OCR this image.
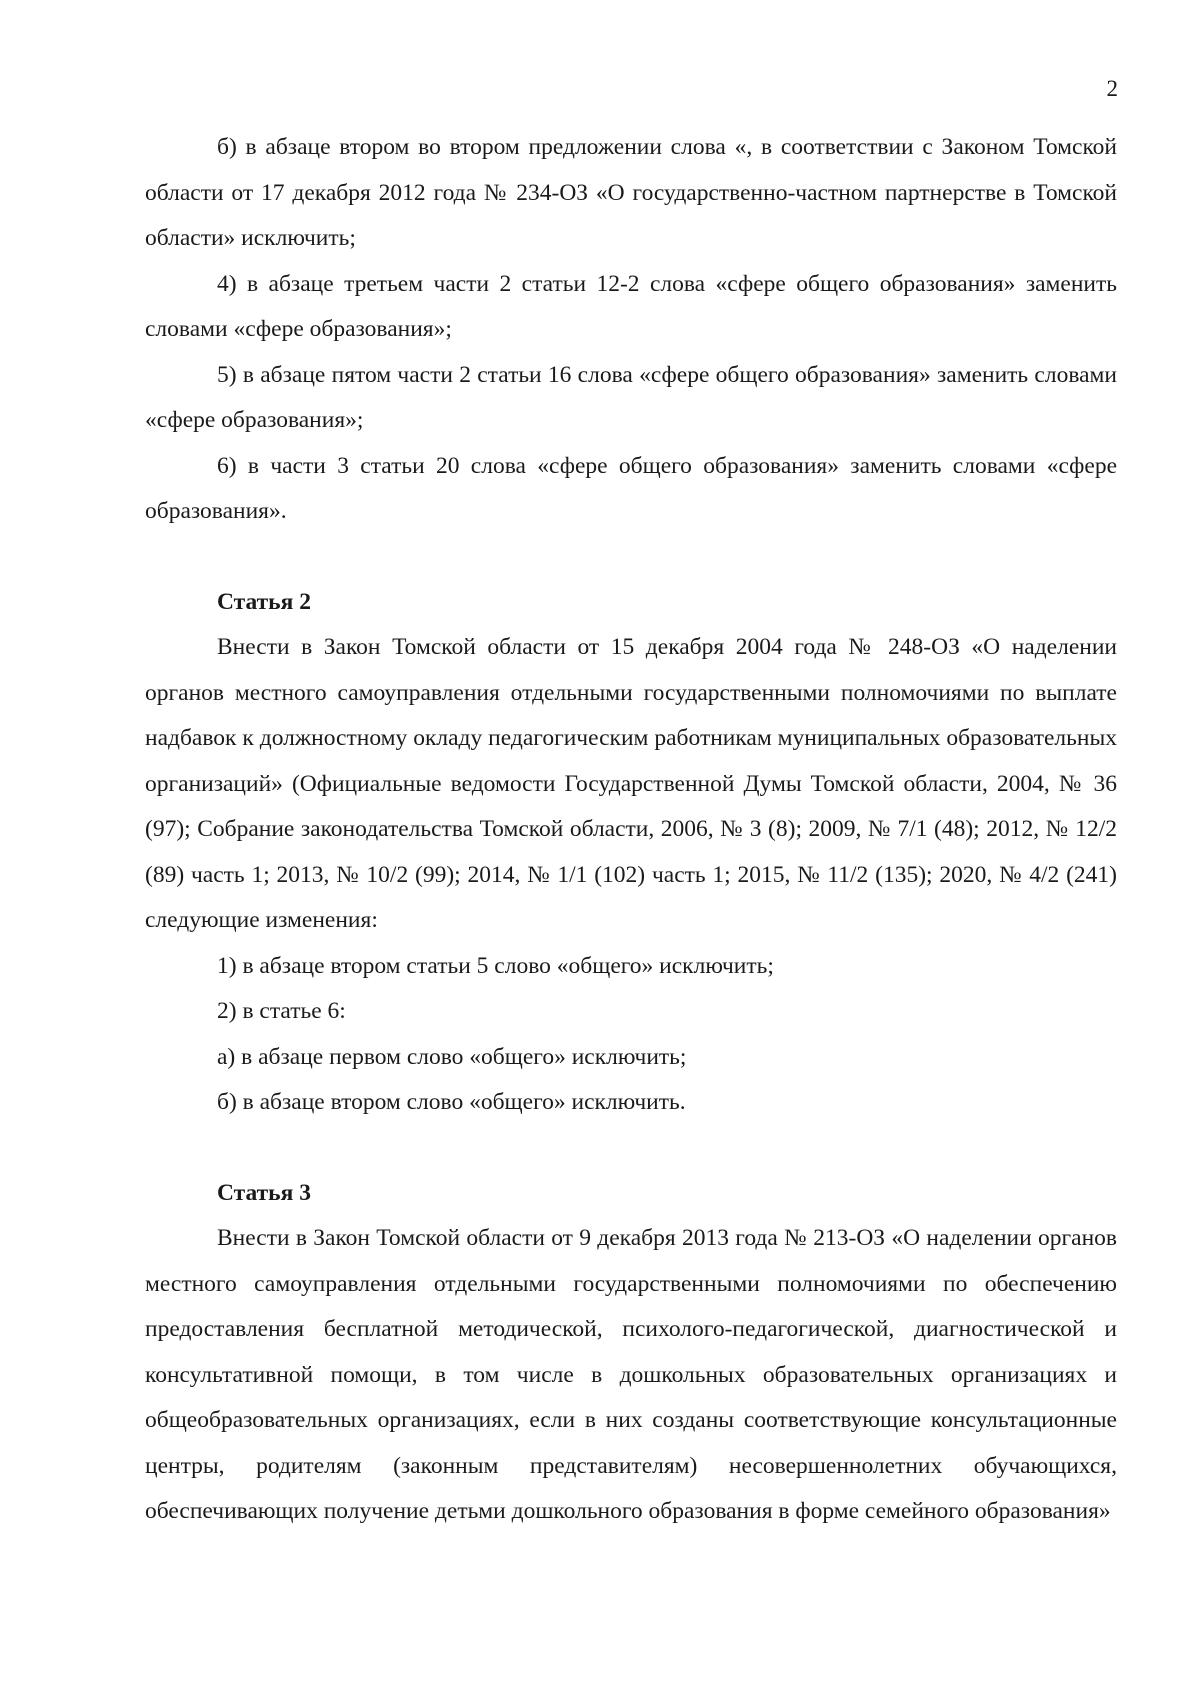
2

б) в абзаце втором во втором предложении слова «, в соответствии с Законом Томской области от 17 декабря 2012 года № 234-ОЗ «О государственно-частном партнерстве в Томской области» исключить;

4) в абзаце третьем части 2 статьи 12-2 слова «сфере общего образования» заменить словами «сфере образования»;

5) в абзаце пятом части 2 статьи 16 слова «сфере общего образования» заменить словами «сфере образования»;

6) в части 3 статьи 20 слова «сфере общего образования» заменить словами «сфере образования».

Статья 2

Внести в Закон Томской области от 15 декабря 2004 года № 248-ОЗ «О наделении органов местного самоуправления отдельными государственными полномочиями по выплате надбавок к должностному окладу педагогическим работникам муниципальных образовательных организаций» (Официальные ведомости Государственной Думы Томской области, 2004, № 36 (97); Собрание законодательства Томской области, 2006, № 3 (8); 2009, № 7/1 (48); 2012, № 12/2 (89) часть 1; 2013, № 10/2 (99); 2014, № 1/1 (102) часть 1; 2015, № 11/2 (135); 2020, № 4/2 (241) следующие изменения:

1) в абзаце втором статьи 5 слово «общего» исключить;

2) в статье 6:

а) в абзаце первом слово «общего» исключить;

б) в абзаце втором слово «общего» исключить.

Статья 3

Внести в Закон Томской области от 9 декабря 2013 года № 213-ОЗ «О наделении органов местного самоуправления отдельными государственными полномочиями по обеспечению предоставления бесплатной методической, психолого-педагогической, диагностической и консультативной помощи, в том числе в дошкольных образовательных организациях и общеобразовательных организациях, если в них созданы соответствующие консультационные центры, родителям (законным представителям) несовершеннолетних обучающихся, обеспечивающих получение детьми дошкольного образования в форме семейного образования»
